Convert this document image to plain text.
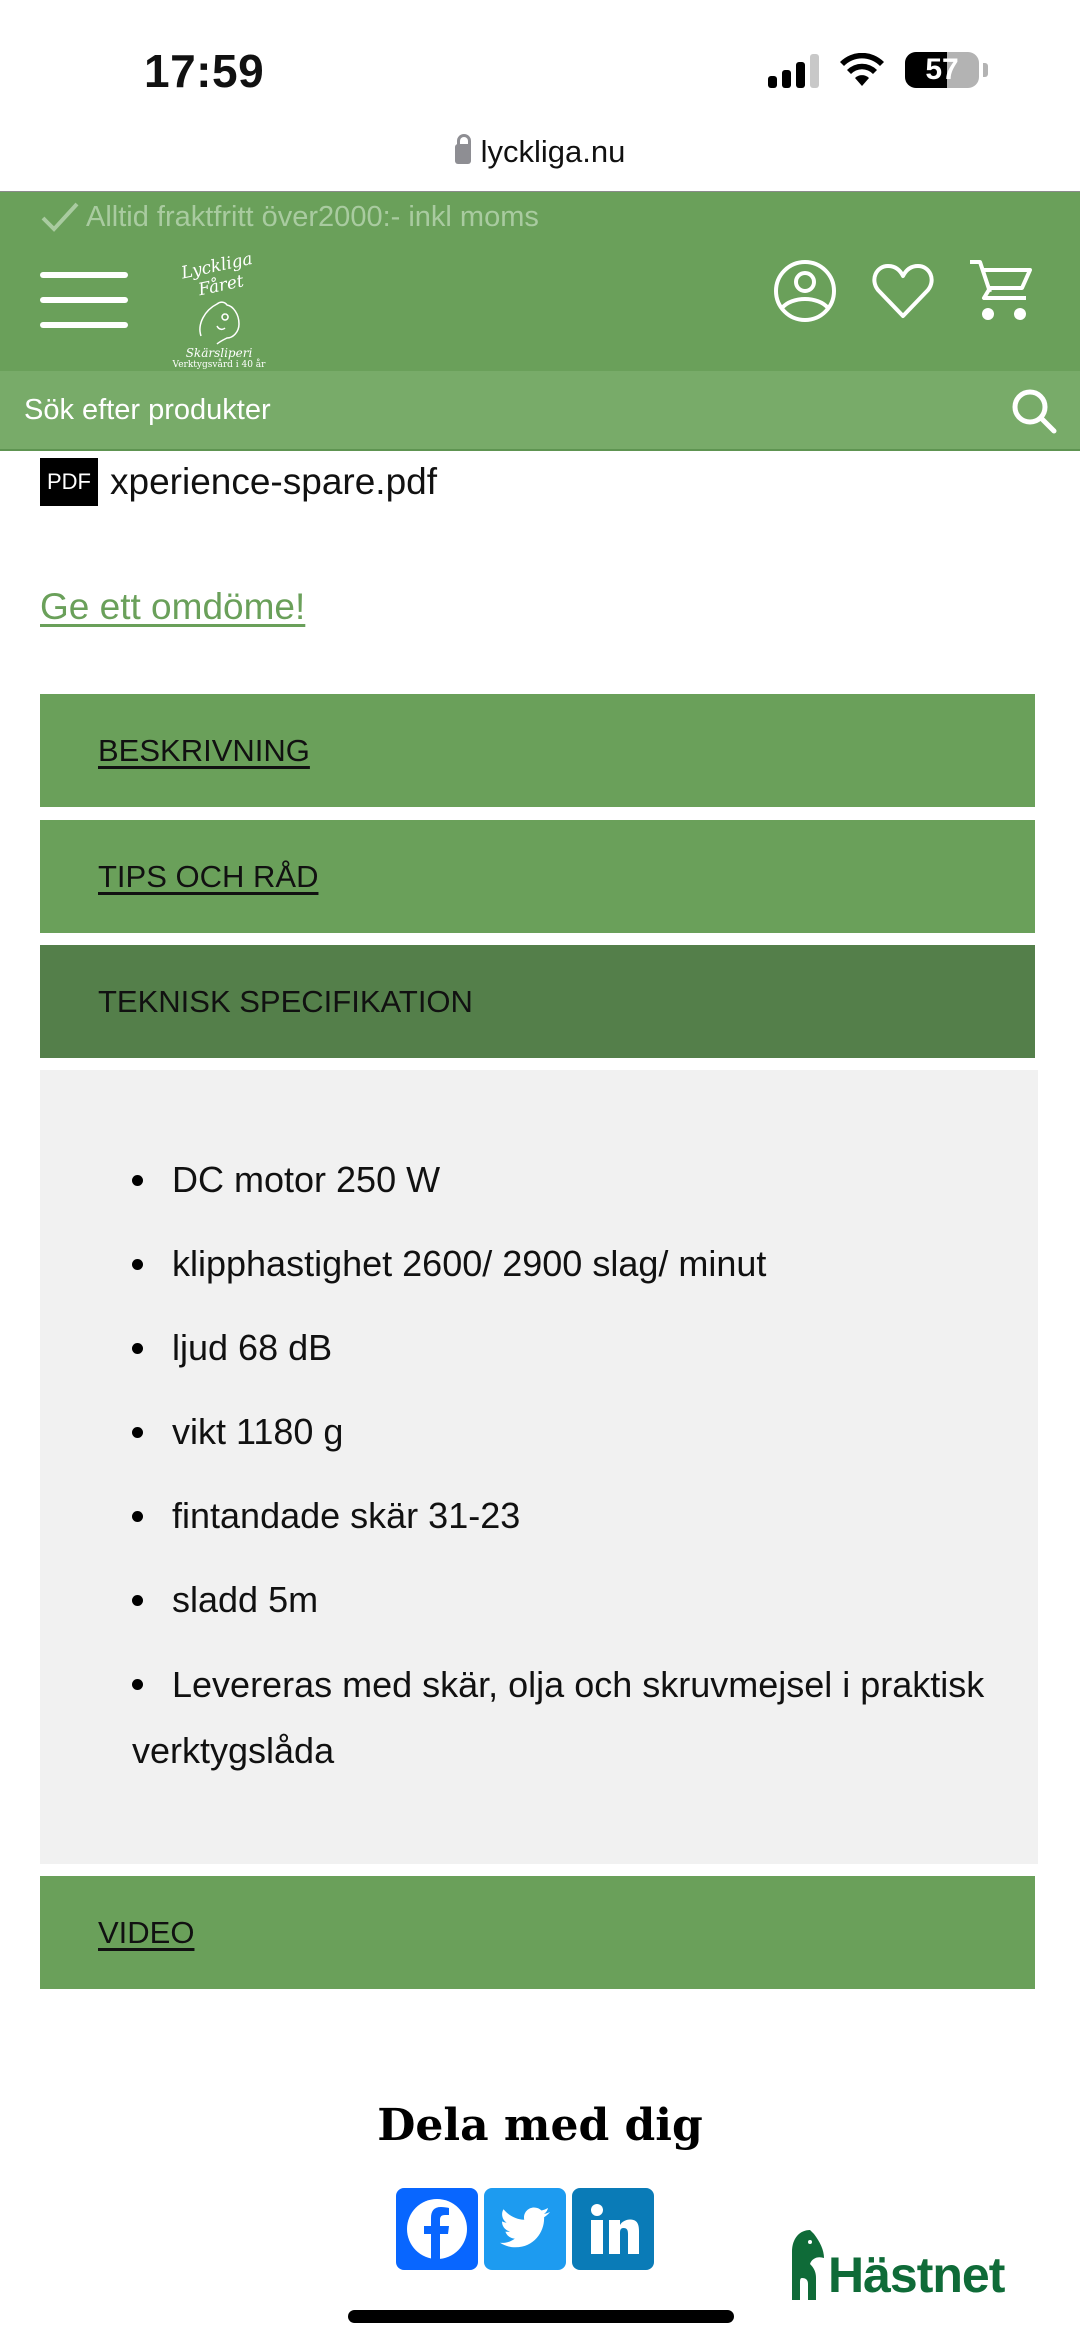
17:59	57
lyckliga.nu
Alltid fraktfritt över2000:- inkl moms
Lyckliga Fåret
Skärsliperi
Verktygsvård i 40 år
Sök efter produkter
PDF xperience-spare.pdf
Ge ett omdöme!
BESKRIVNING
TIPS OCH RÅD
TEKNISK SPECIFIKATION
DC motor 250 W
klipphastighet 2600/ 2900 slag/ minut
ljud 68 dB
vikt 1180 g
fintandade skär 31-23
sladd 5m
Levereras med skär, olja och skruvmejsel i praktisk verktygslåda
VIDEO
Dela med dig
Hästnet
